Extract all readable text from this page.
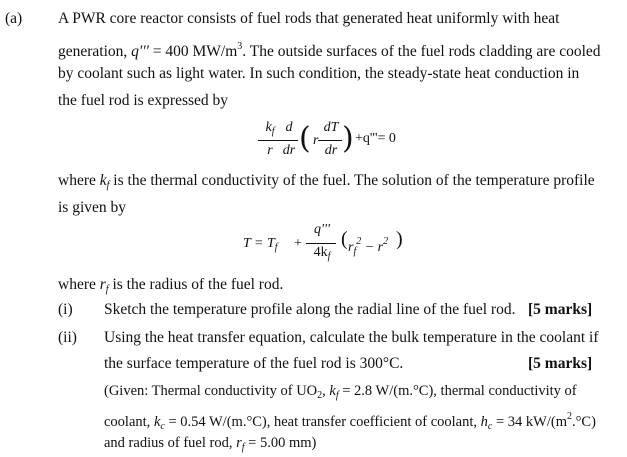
(a) A PWR core reactor consists of fuel rods that generated heat uniformly with heat
generation, q''' = 400 $MW/m^3$. The outside surfaces of the fuel rods cladding are cooled
by coolant such as light water. In such condition, the steady-state heat conduction in
the fuel rod is expressed by
$k_f$
r
d
dr ( r
dT
dr ) +q'''= 0
where $k_f$ is the thermal conductivity of the fuel. The solution of the temperature profile
is given by
$T = T_f$ +
q'''
$4k_f$
( $r_f^2 - r^2$ )
where $r_f$ is the radius of the fuel rod.
(i) Sketch the temperature profile along the radial line of the fuel rod. [5 marks]
(ii) Using the heat transfer equation, calculate the bulk temperature in the coolant if
the surface temperature of the fuel rod is 300°C.	[5 marks]
(Given: Thermal conductivity of $UO_2$, $k_f = 2.8$ W/(m.°C), thermal conductivity of
coolant, $k_c = 0.54$ W/(m.°C), heat transfer coefficient of coolant, $h_c = 34$ $kW/(m^2.^\circ C)$
and radius of fuel rod, $r_f = 5.00$ mm)
